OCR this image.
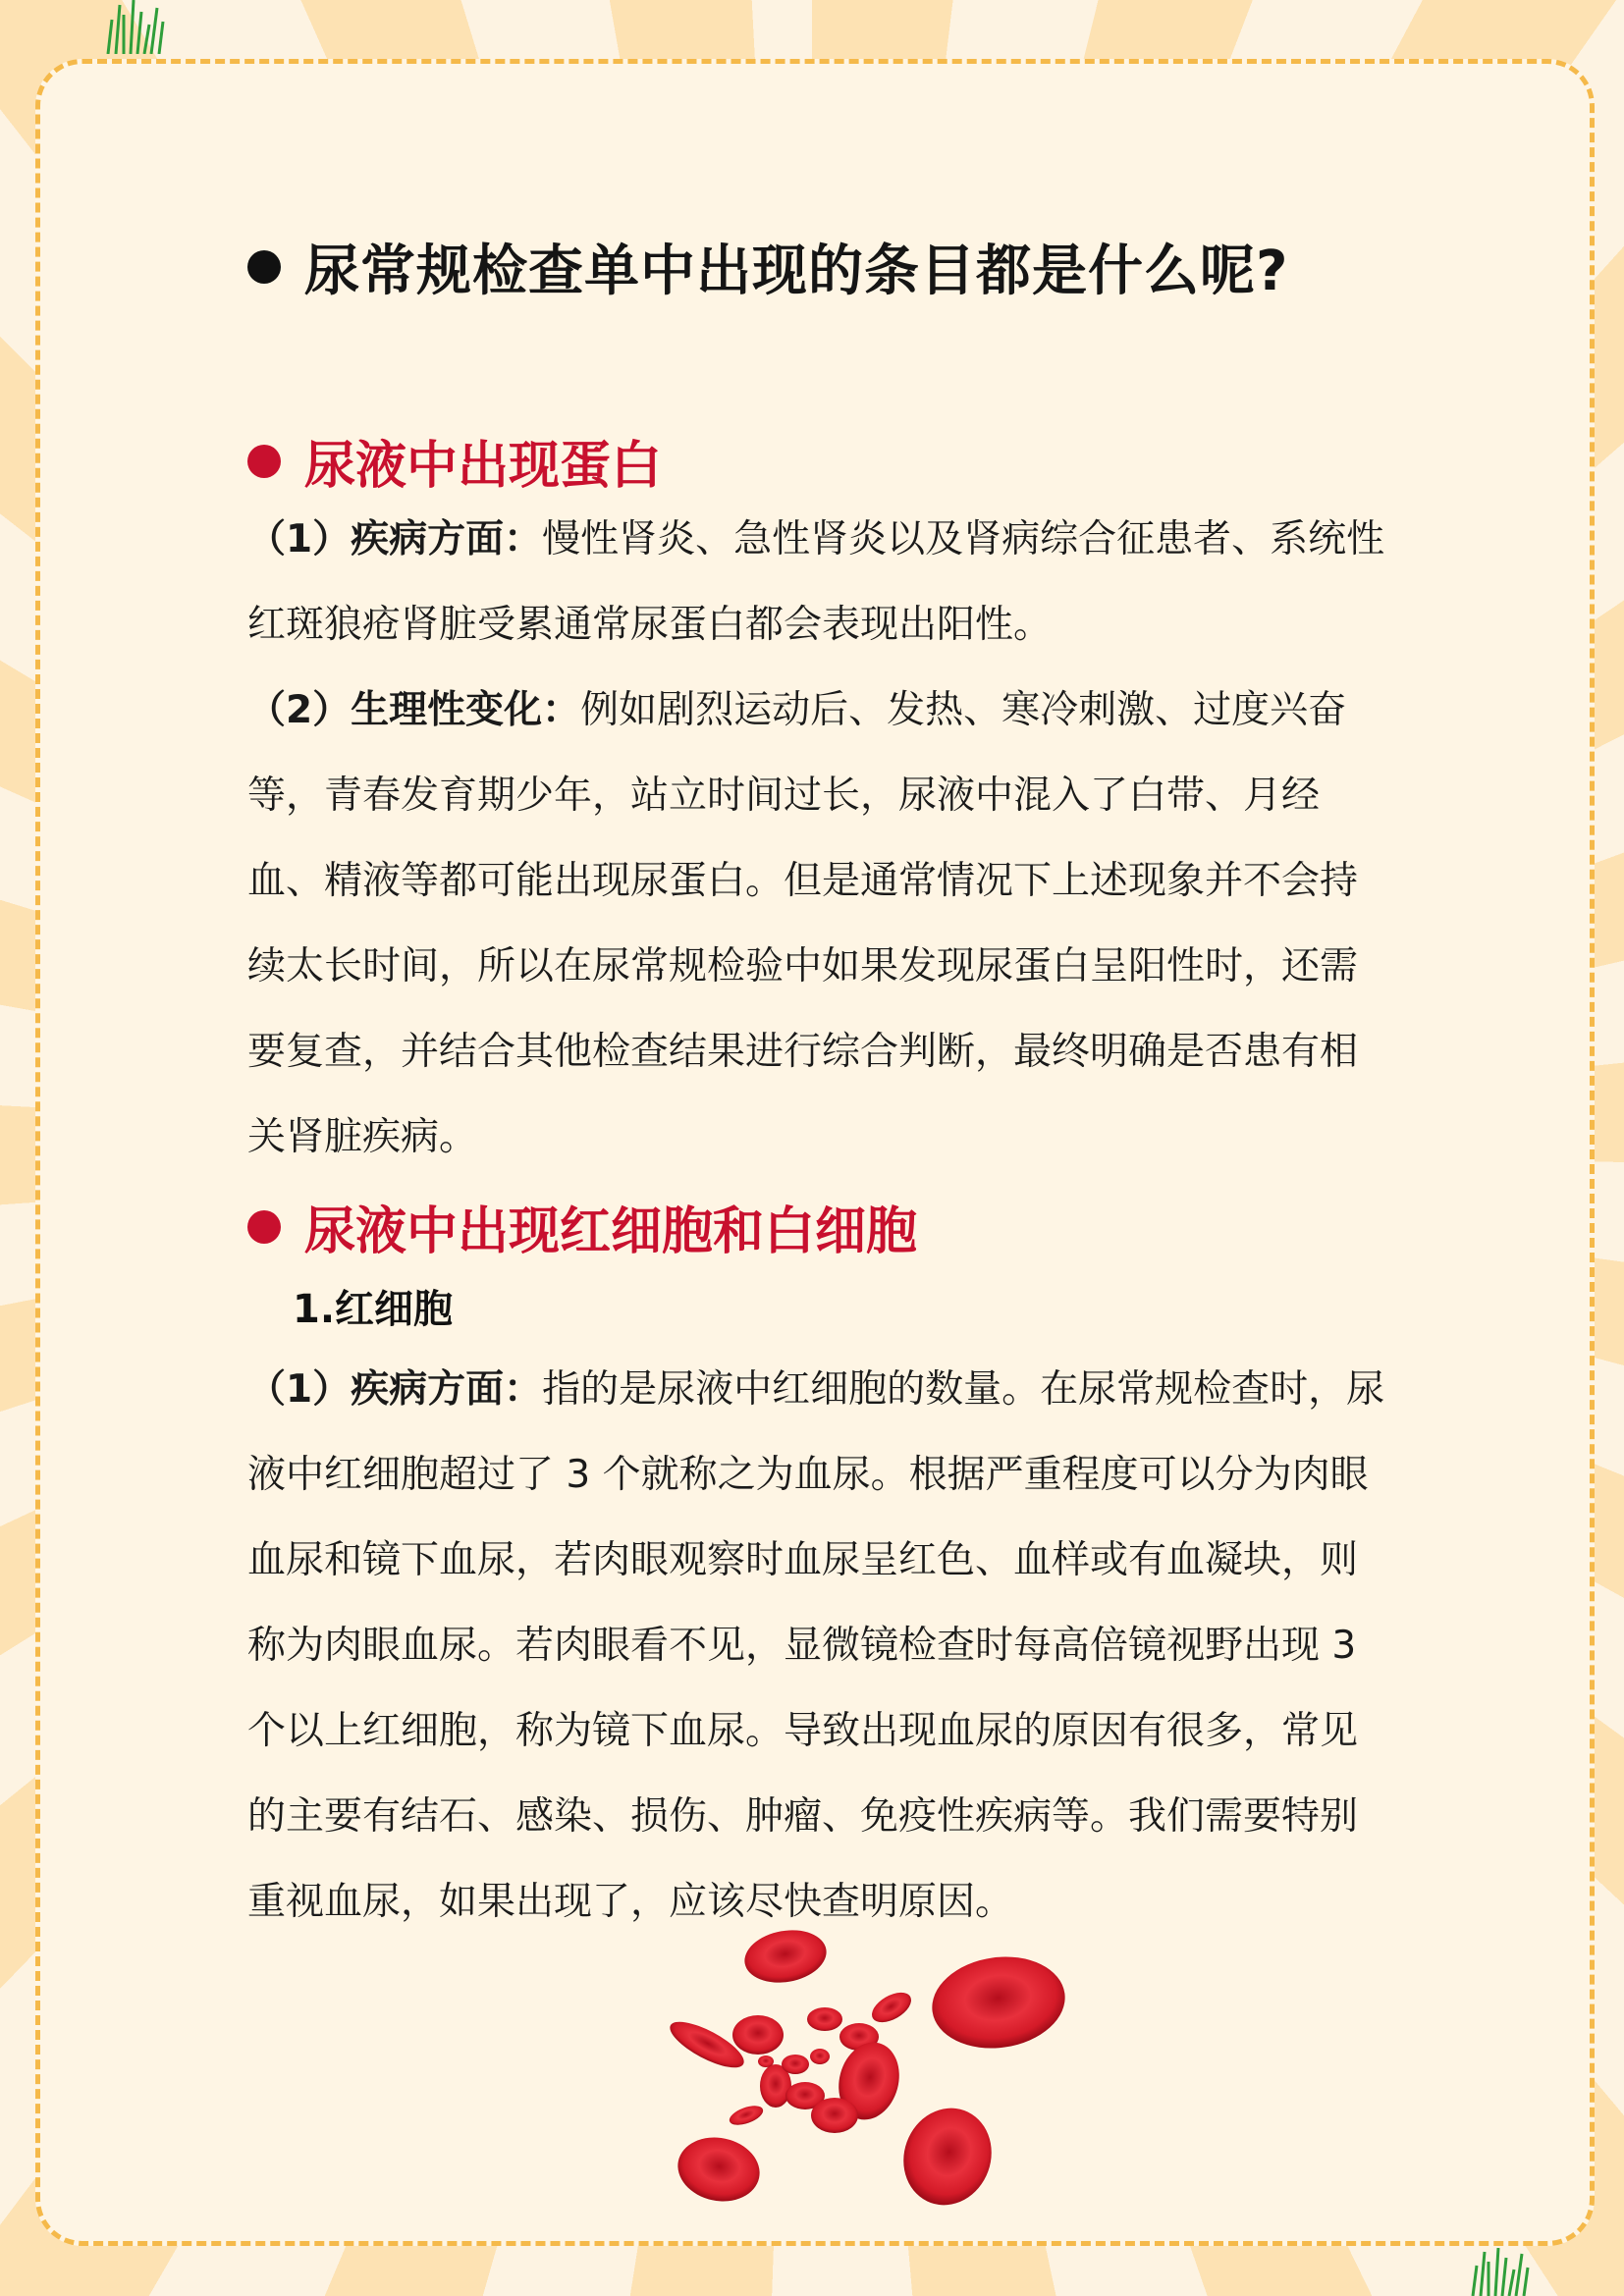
尿常规检查单中出现的条目都是什么呢?
尿液中出现蛋白

（1）疾病方面：慢性肾炎、急性肾炎以及肾病综合征患者、系统性红斑狼疮肾脏受累通常尿蛋白都会表现出阳性。

（2）生理性变化：例如剧烈运动后、发热、寒冷刺激、过度兴奋等，青春发育期少年，站立时间过长，尿液中混入了白带、月经血、精液等都可能出现尿蛋白。但是通常情况下上述现象并不会持续太长时间，所以在尿常规检验中如果发现尿蛋白呈阳性时，还需要复查，并结合其他检查结果进行综合判断，最终明确是否患有相关肾脏疾病。

尿液中出现红细胞和白细胞
1.红细胞

（1）疾病方面：指的是尿液中红细胞的数量。在尿常规检查时，尿液中红细胞超过了 3 个就称之为血尿。根据严重程度可以分为肉眼血尿和镜下血尿，若肉眼观察时血尿呈红色、血样或有血凝块，则称为肉眼血尿。若肉眼看不见，显微镜检查时每高倍镜视野出现 3 个以上红细胞，称为镜下血尿。导致出现血尿的原因有很多，常见的主要有结石、感染、损伤、肿瘤、免疫性疾病等。我们需要特别重视血尿，如果出现了，应该尽快查明原因。
